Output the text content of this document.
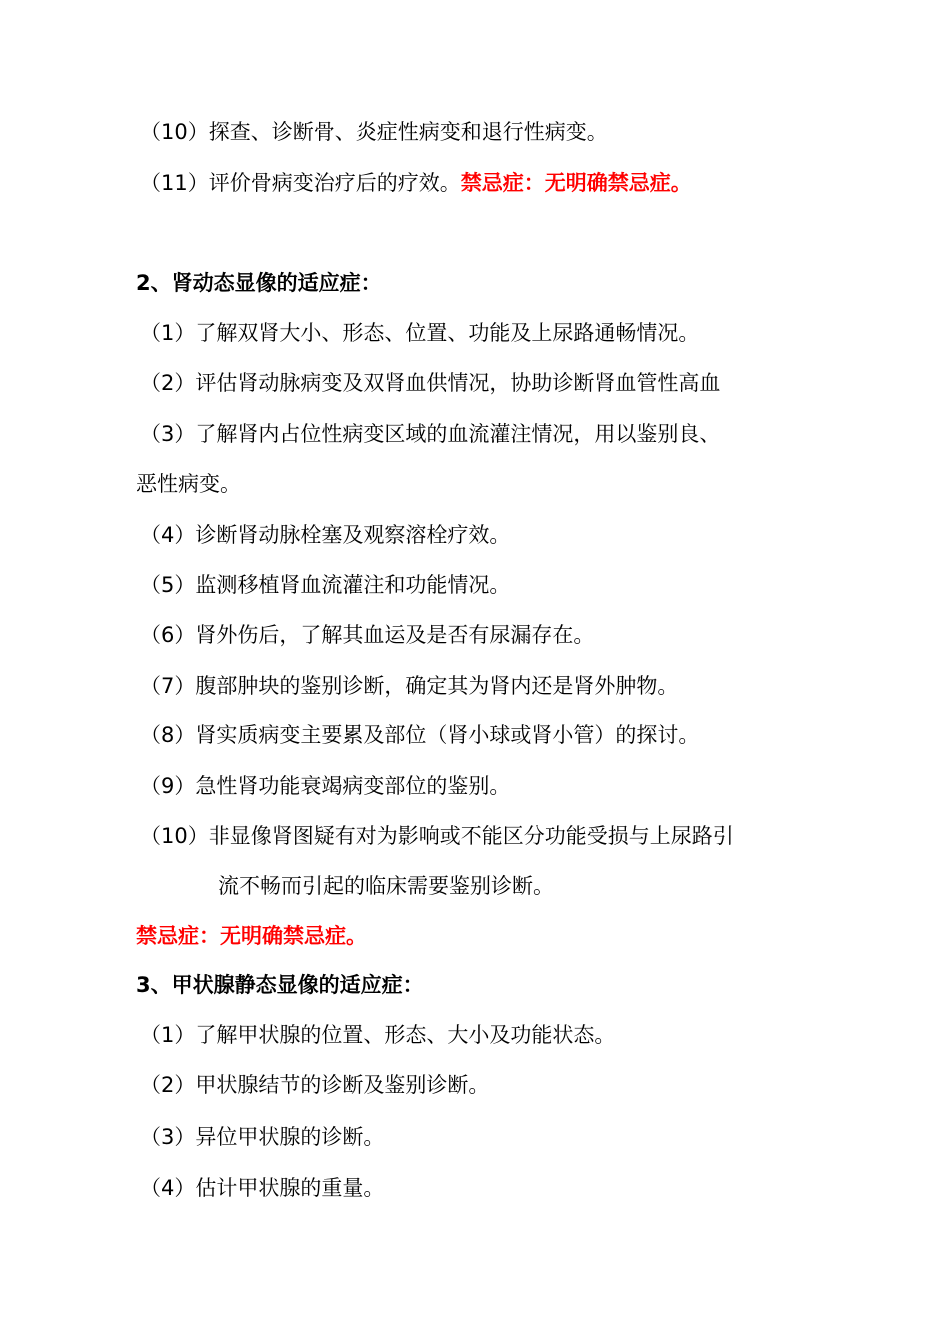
（10）探查、诊断骨、炎症性病变和退行性病变。
（11）评价骨病变治疗后的疗效。禁忌症：无明确禁忌症。
2、肾动态显像的适应症：
（1）了解双肾大小、形态、位置、功能及上尿路通畅情况。
（2）评估肾动脉病变及双肾血供情况，协助诊断肾血管性高血
（3）了解肾内占位性病变区域的血流灌注情况，用以鉴别良、
恶性病变。
（4）诊断肾动脉栓塞及观察溶栓疗效。
（5）监测移植肾血流灌注和功能情况。
（6）肾外伤后，了解其血运及是否有尿漏存在。
（7）腹部肿块的鉴别诊断，确定其为肾内还是肾外肿物。
（8）肾实质病变主要累及部位（肾小球或肾小管）的探讨。
（9）急性肾功能衰竭病变部位的鉴别。
（10）非显像肾图疑有对为影响或不能区分功能受损与上尿路引
流不畅而引起的临床需要鉴别诊断。
禁忌症：无明确禁忌症。
3、甲状腺静态显像的适应症：
（1）了解甲状腺的位置、形态、大小及功能状态。
（2）甲状腺结节的诊断及鉴别诊断。
（3）异位甲状腺的诊断。
（4）估计甲状腺的重量。
